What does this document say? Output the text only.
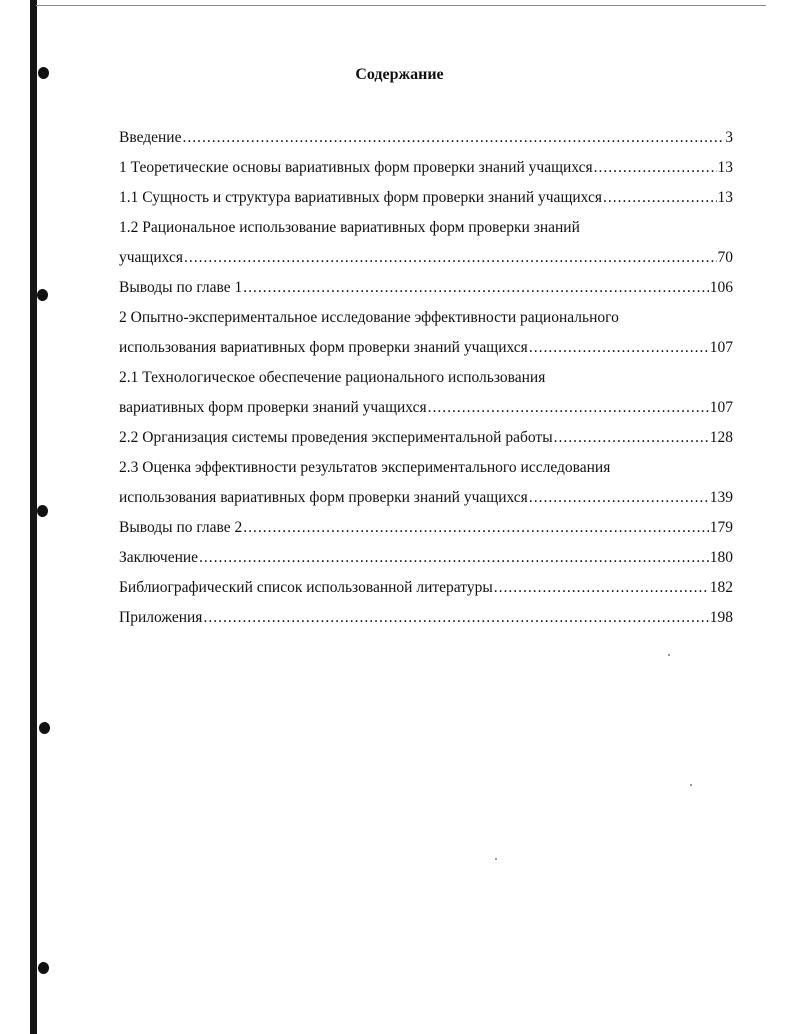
Содержание
Введение .....	3
1 Теоретические основы вариативных форм проверки знаний учащихся .....	13
1.1 Сущность и структура вариативных форм проверки знаний учащихся .....	13
1.2 Рациональное использование вариативных форм проверки знаний
учащихся .....	70
Выводы по главе 1 .....	106
2 Опытно-экспериментальное исследование эффективности рационального
использования вариативных форм проверки знаний учащихся .....	107
2.1 Технологическое обеспечение рационального использования
вариативных форм проверки знаний учащихся .....	107
2.2 Организация системы проведения экспериментальной работы .....	128
2.3 Оценка эффективности результатов экспериментального исследования
использования вариативных форм проверки знаний учащихся .....	139
Выводы по главе 2 .....	179
Заключение .....	180
Библиографический список использованной литературы .....	182
Приложения .....	198
